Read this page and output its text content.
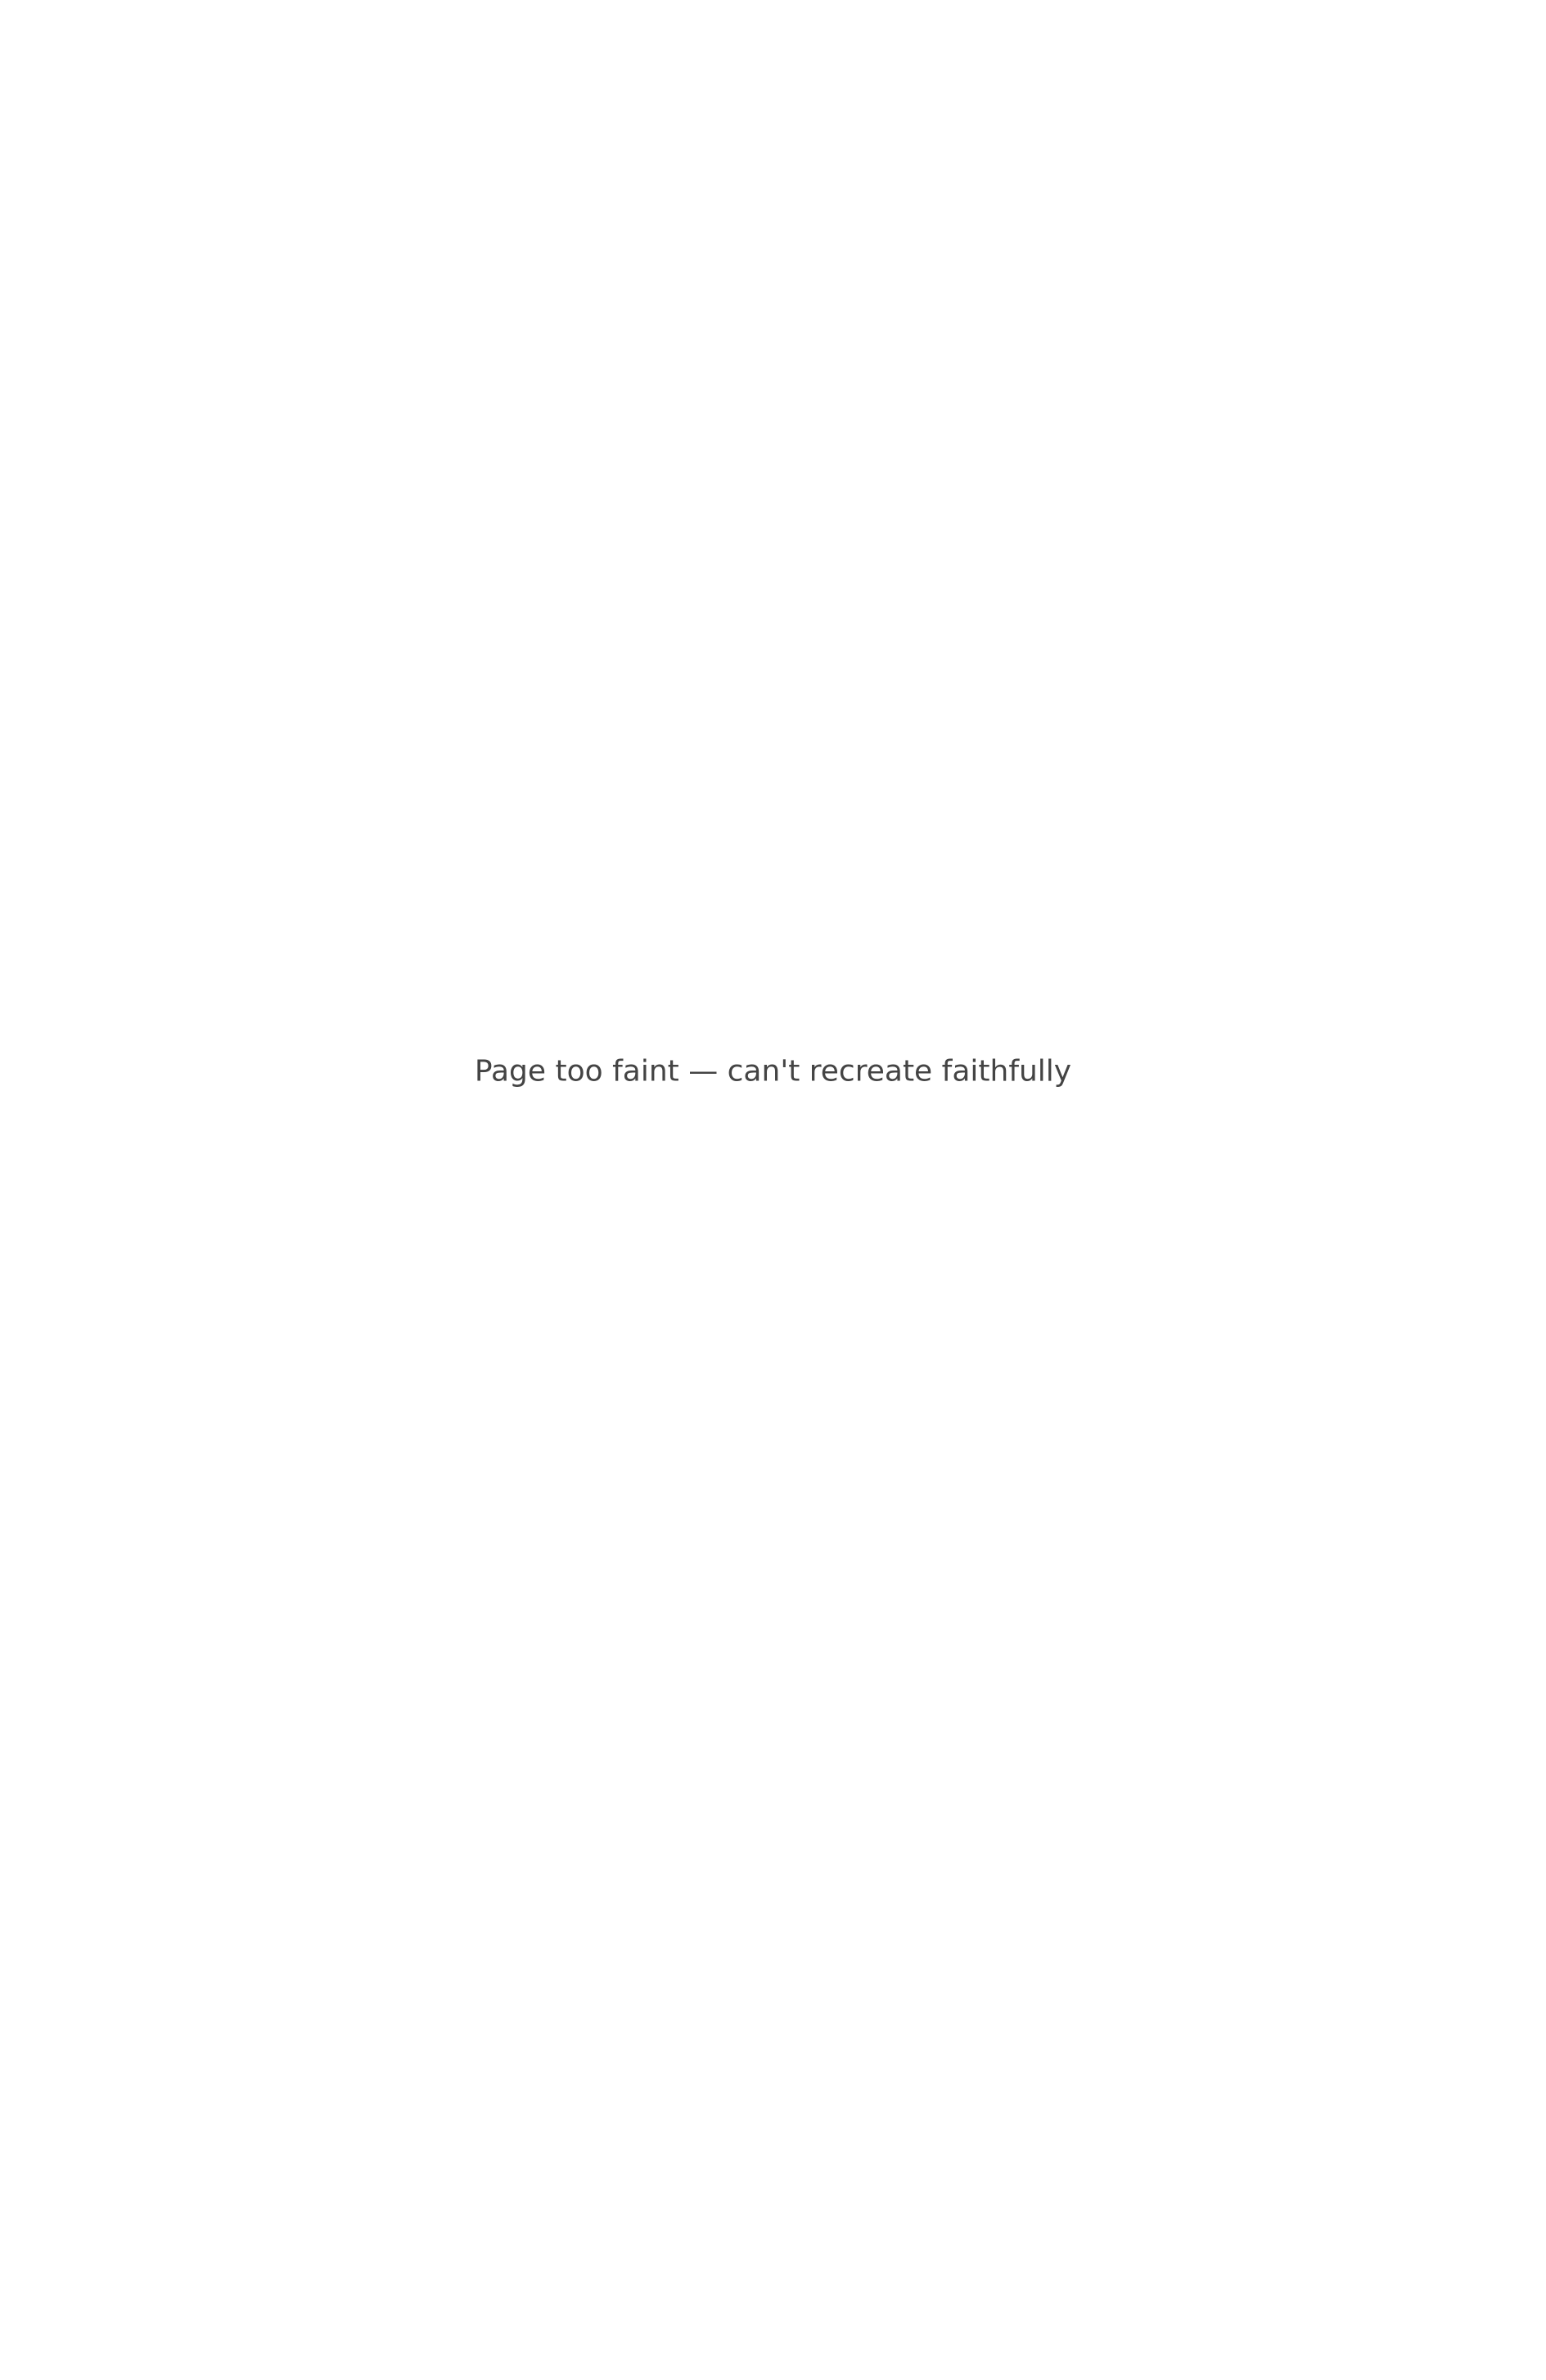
Page too faint — can't recreate faithfully
